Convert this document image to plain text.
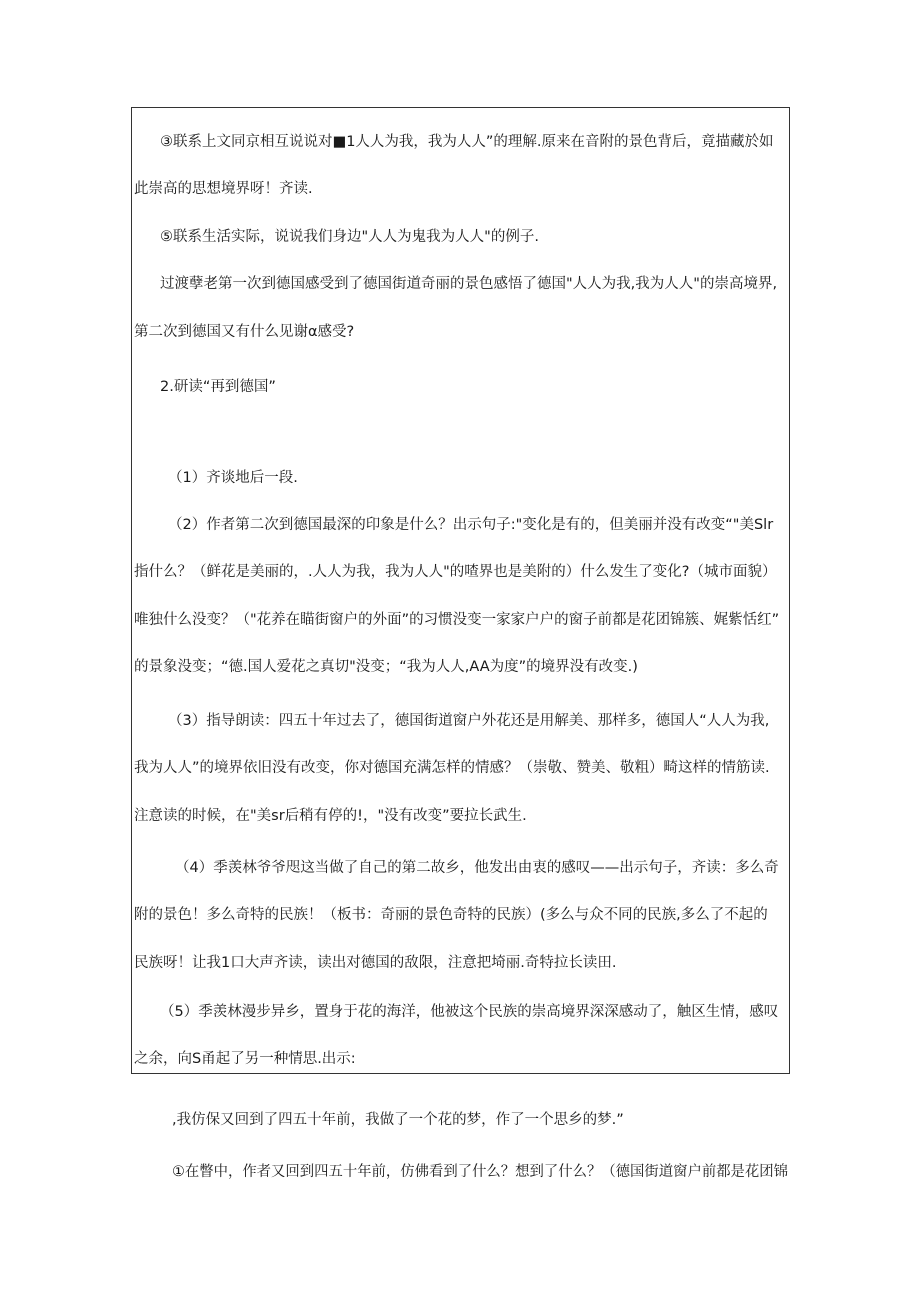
③联系上文同京相互说说对■1人人为我，我为人人”的理解.原来在音附的景色背后，竟描藏於如
此崇高的思想境界呀！齐读.
⑤联系生活实际，说说我们身边"人人为鬼我为人人"的例子.
过渡孽老第一次到德国感受到了德国街道奇丽的景色感悟了德国"人人为我,我为人人"的崇高境界,
第二次到德国又有什么见谢α感受?
2.研读“再到德国”
（1）齐谈地后一段.
（2）作者第二次到德国最深的印象是什么？出示句子:"变化是有的，但美丽并没有改变“"美Slr
指什么？（鲜花是美丽的，.人人为我，我为人人"的喳界也是美附的）什么发生了变化?（城市面貌）
唯独什么没变？（"花养在瞄街窗户的外面”的习惯没变一家家户户的窗子前都是花团锦簇、娓紫恬红”
的景象没变；“德.国人爱花之真切"没变；“我为人人,AA为度”的境界没有改变.)
（3）指导朗读：四五十年过去了，德国街道窗户外花还是用解美、那样多，德国人“人人为我,
我为人人”的境界依旧没有改变，你对德国充满怎样的情感？（崇敬、赞美、敬粗）畸这样的情筋读.
注意读的时候，在"美sr后稍有停的!，"没有改变”要拉长武生.
（4）季羡林爷爷咫这当做了自己的第二故乡，他发出由衷的感叹——出示句子，齐读：多么奇
附的景色！多么奇特的民族！（板书：奇丽的景色奇特的民族）(多么与众不同的民族,多么了不起的
民族呀！让我1口大声齐读，读出对德国的敌限，注意把埼丽.奇特拉长读田.
（5）季羡林漫步异乡，置身于花的海洋，他被这个民族的崇高境界深深感动了，触区生情，感叹
之余，向S甬起了另一种情思.出示:
,我仿保又回到了四五十年前，我做了一个花的梦，作了一个思乡的梦.”
①在瞥中，作者又回到四五十年前，仿佛看到了什么？想到了什么？（德国街道窗户前都是花团锦
